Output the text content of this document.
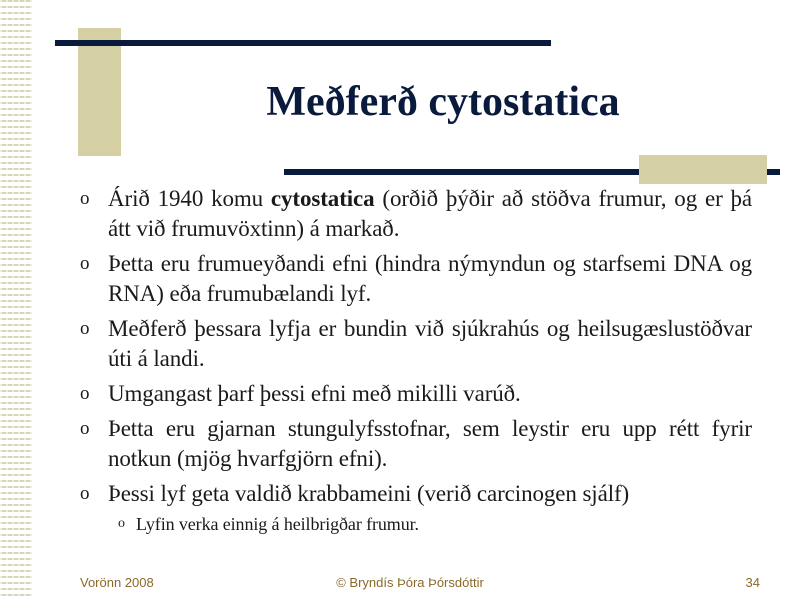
Meðferð cytostatica
o Árið 1940 komu cytostatica (orðið þýðir að stöðva frumur, og er þá átt við frumuvöxtinn) á markað.
o Þetta eru frumueyðandi efni (hindra nýmyndun og starfsemi DNA og RNA) eða frumubælandi lyf.
o Meðferð þessara lyfja er bundin við sjúkrahús og heilsugæslustöðvar úti á landi.
o Umgangast þarf þessi efni með mikilli varúð.
o Þetta eru gjarnan stungulyfsstofnar, sem leystir eru upp rétt fyrir notkun (mjög hvarfgjörn efni).
o Þessi lyf geta valdið krabbameini (verið carcinogen sjálf)
o Lyfin verka einnig á heilbrigðar frumur.
Vorönn 2008	© Bryndís Þóra Þórsdóttir	34
